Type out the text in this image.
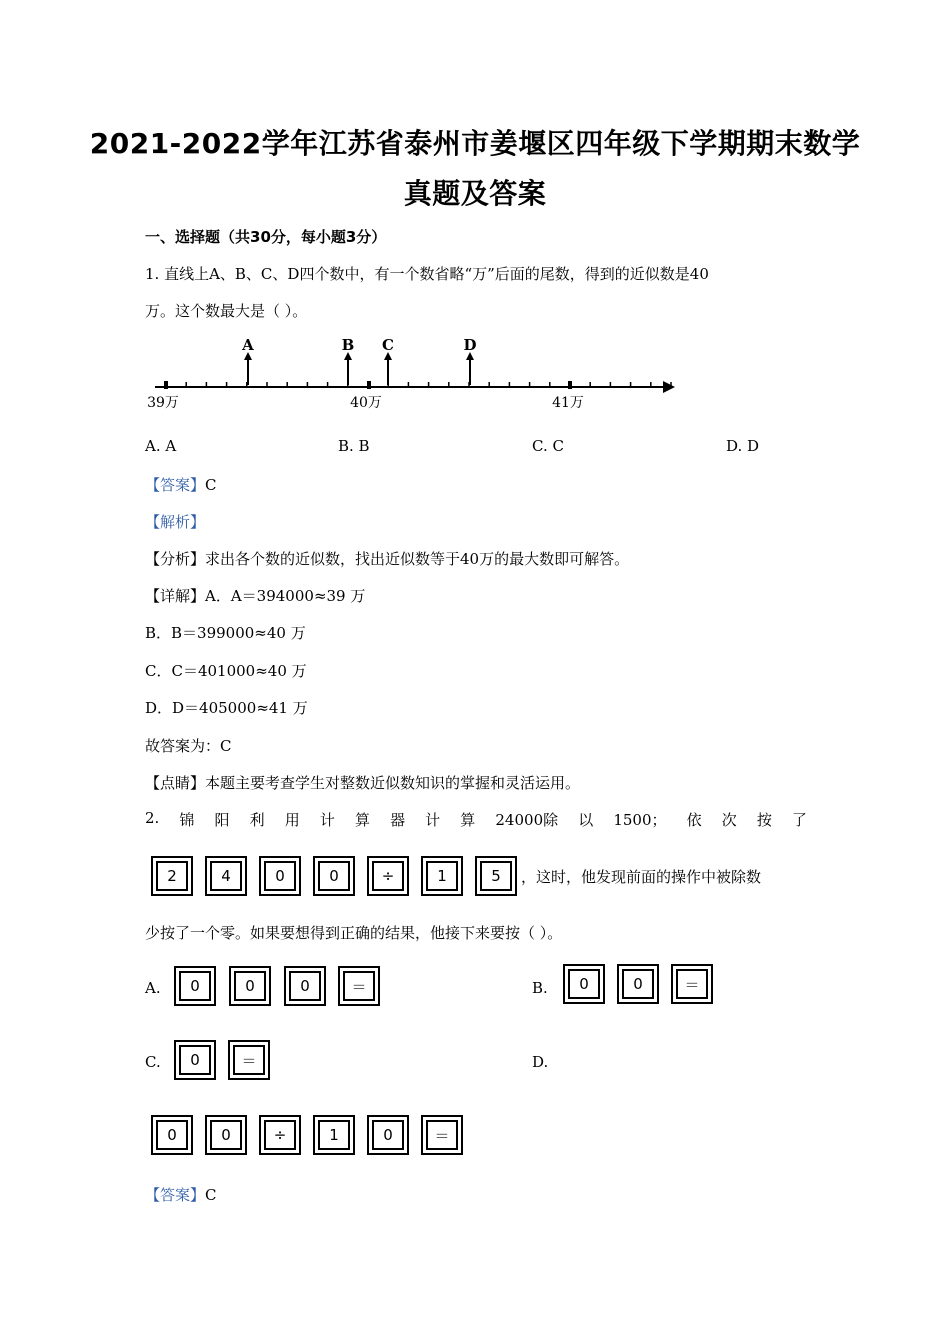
2021-2022学年江苏省泰州市姜堰区四年级下学期期末数学
真题及答案
一、选择题（共30分，每小题3分）
1. 直线上A、B、C、D四个数中，有一个数省略“万”后面的尾数，得到的近似数是40
万。这个数最大是（ ）。
A	B C	D
39万	40万	41万
A. A	B. B	C. C	D. D
【答案】C
【解析】
【分析】求出各个数的近似数，找出近似数等于40万的最大数即可解答。
【详解】A．A＝394000≈39 万
B．B＝399000≈40 万
C．C＝401000≈40 万
D．D＝405000≈41 万
故答案为：C
【点睛】本题主要考查学生对整数近似数知识的掌握和灵活运用。
2. 锦 阳 利 用 计 算 器 计 算 24000除 以 1500； 依 次 按 了
2	4	0	0	÷	1	5	，这时，他发现前面的操作中被除数
少按了一个零。如果要想得到正确的结果，他接下来要按（ ）。
A.	0	0	0	＝	B.	0	0	＝
C.	0	＝	D.
0	0	÷	1	0	＝
【答案】C
